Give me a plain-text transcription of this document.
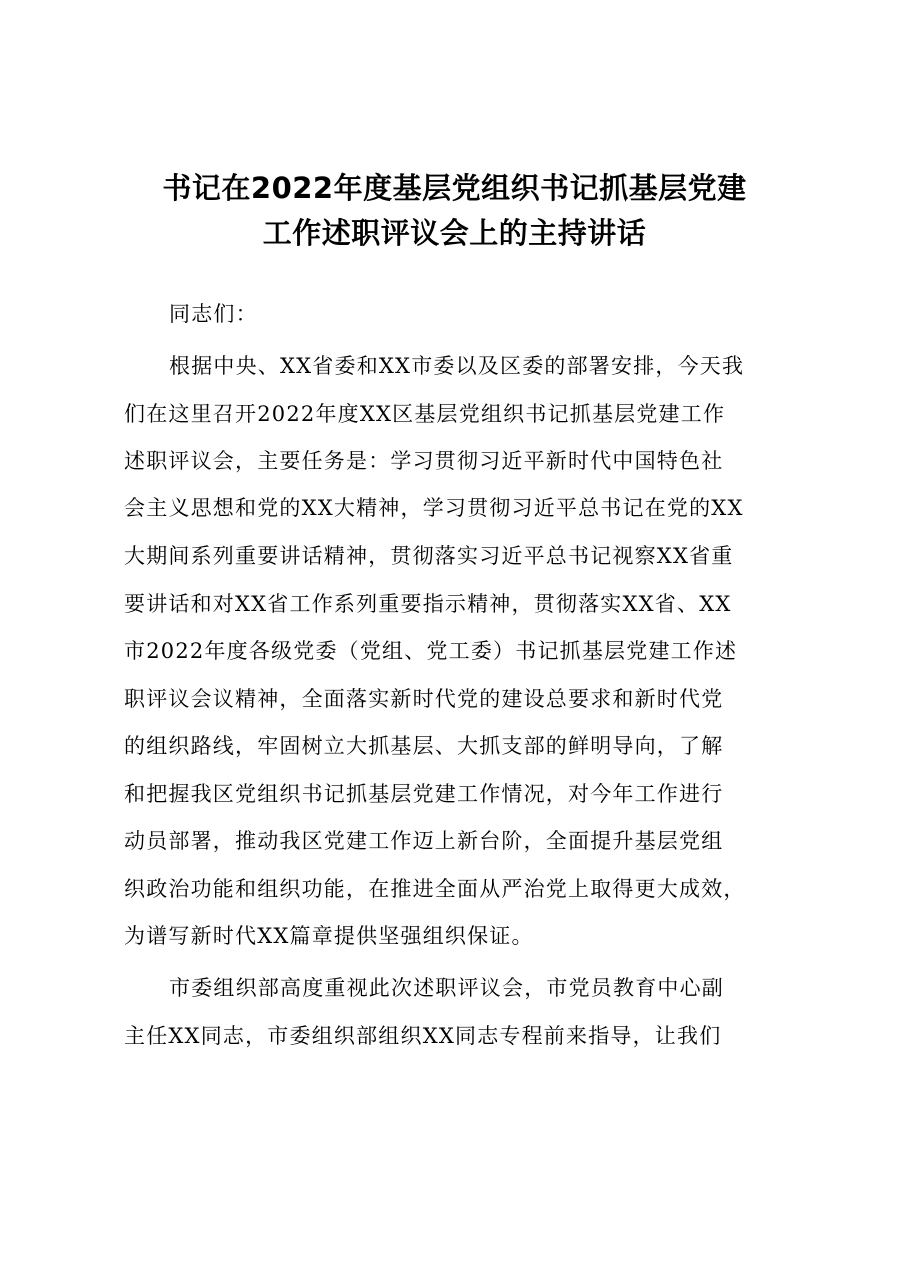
书记在2022年度基层党组织书记抓基层党建
工作述职评议会上的主持讲话
同志们：
根据中央、XX省委和XX市委以及区委的部署安排，今天我
们在这里召开2022年度XX区基层党组织书记抓基层党建工作
述职评议会，主要任务是：学习贯彻习近平新时代中国特色社
会主义思想和党的XX大精神，学习贯彻习近平总书记在党的XX
大期间系列重要讲话精神，贯彻落实习近平总书记视察XX省重
要讲话和对XX省工作系列重要指示精神，贯彻落实XX省、XX
市2022年度各级党委（党组、党工委）书记抓基层党建工作述
职评议会议精神，全面落实新时代党的建设总要求和新时代党
的组织路线，牢固树立大抓基层、大抓支部的鲜明导向，了解
和把握我区党组织书记抓基层党建工作情况，对今年工作进行
动员部署，推动我区党建工作迈上新台阶，全面提升基层党组
织政治功能和组织功能，在推进全面从严治党上取得更大成效，
为谱写新时代XX篇章提供坚强组织保证。
市委组织部高度重视此次述职评议会，市党员教育中心副
主任XX同志，市委组织部组织XX同志专程前来指导，让我们
